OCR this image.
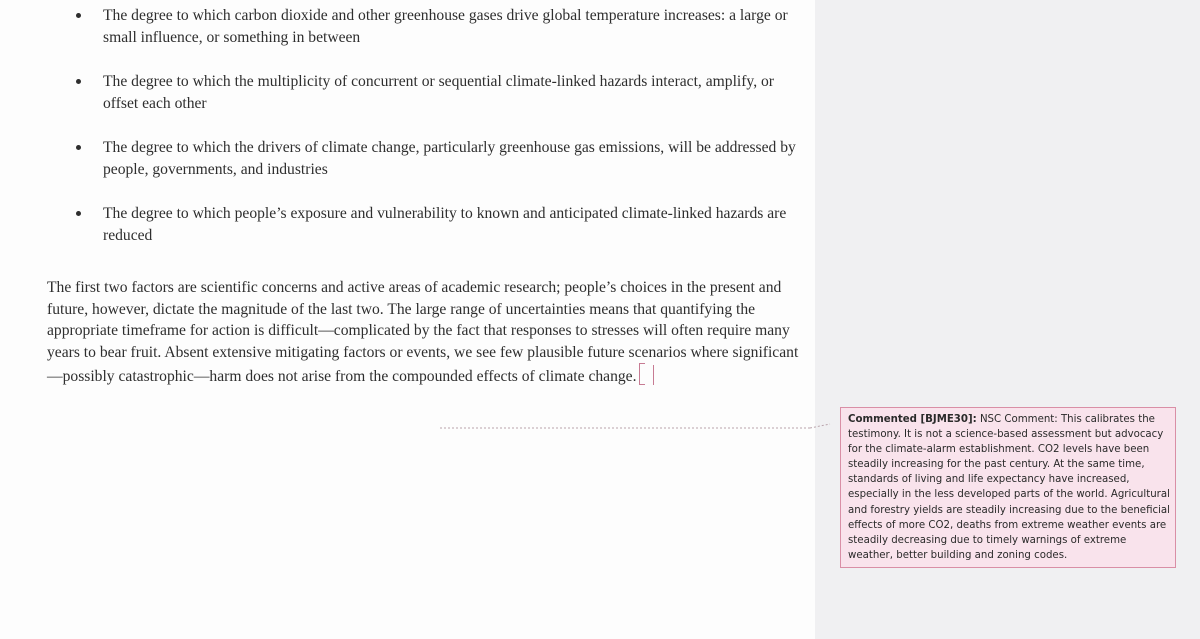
The degree to which carbon dioxide and other greenhouse gases drive global temperature increases: a large or small influence, or something in between
The degree to which the multiplicity of concurrent or sequential climate-linked hazards interact, amplify, or offset each other
The degree to which the drivers of climate change, particularly greenhouse gas emissions, will be addressed by people, governments, and industries
The degree to which people’s exposure and vulnerability to known and anticipated climate-linked hazards are reduced

The first two factors are scientific concerns and active areas of academic research; people’s choices in the present and future, however, dictate the magnitude of the last two. The large range of uncertainties means that quantifying the appropriate timeframe for action is difficult—complicated by the fact that responses to stresses will often require many years to bear fruit. Absent extensive mitigating factors or events, we see few plausible future scenarios where significant—possibly catastrophic—harm does not arise from the compounded effects of climate change.

Commented [BJME30]: NSC Comment: This calibrates the testimony. It is not a science-based assessment but advocacy for the climate-alarm establishment. CO2 levels have been steadily increasing for the past century. At the same time, standards of living and life expectancy have increased, especially in the less developed parts of the world. Agricultural and forestry yields are steadily increasing due to the beneficial effects of more CO2, deaths from extreme weather events are steadily decreasing due to timely warnings of extreme weather, better building and zoning codes.
